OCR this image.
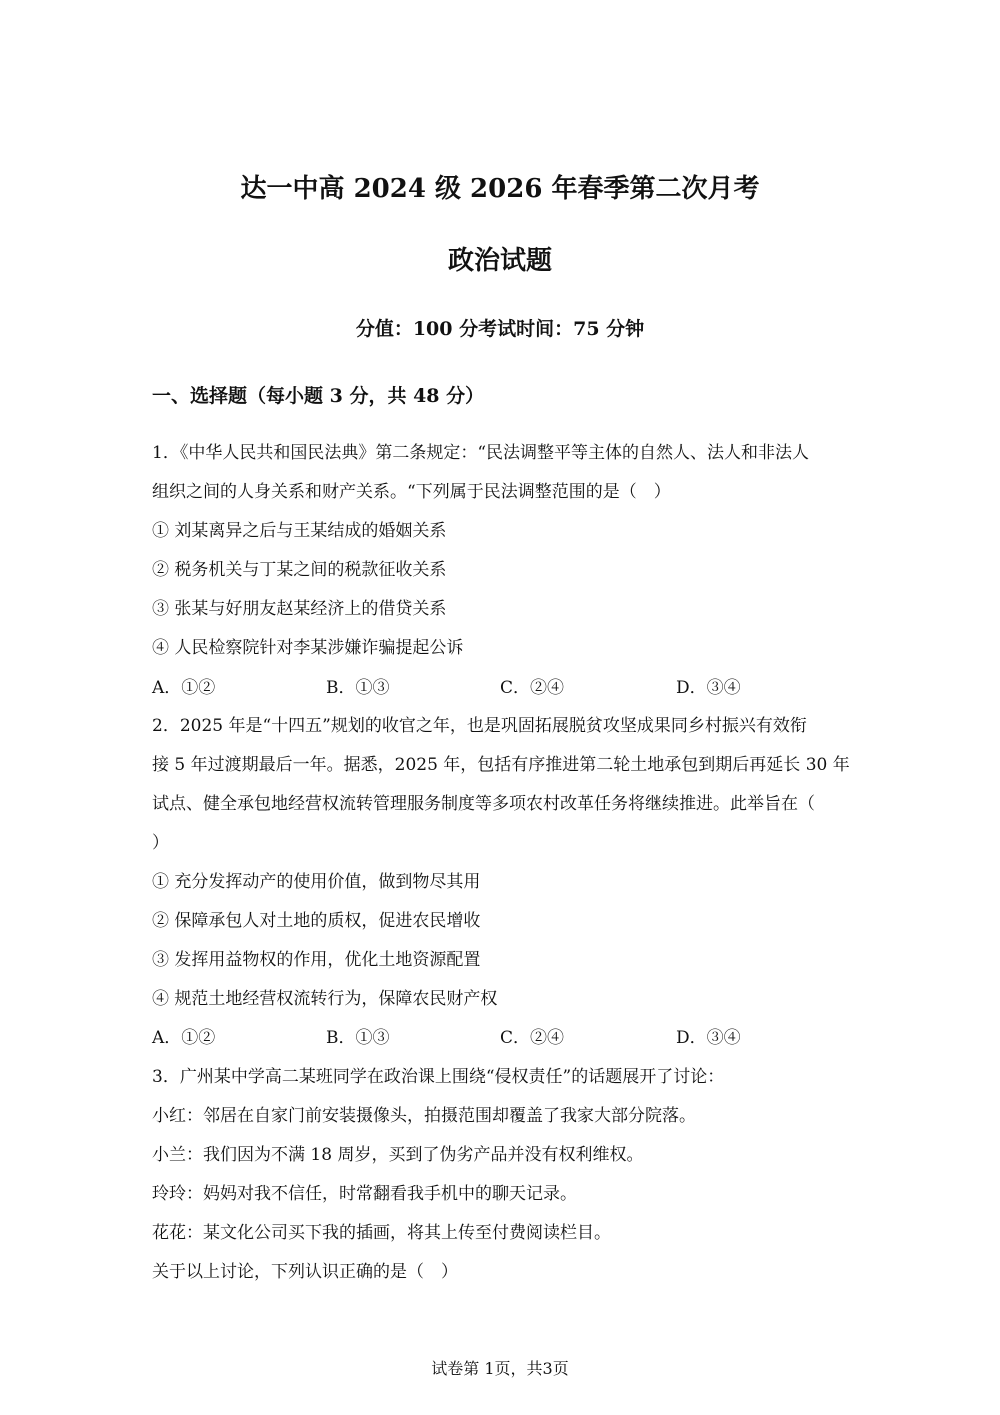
达一中高 2024 级 2026 年春季第二次月考
政治试题
分值：100 分考试时间：75 分钟
一、选择题（每小题 3 分，共 48 分）
1．《中华人民共和国民法典》第二条规定：“民法调整平等主体的自然人、法人和非法人
组织之间的人身关系和财产关系。“下列属于民法调整范围的是（　）
① 刘某离异之后与王某结成的婚姻关系
② 税务机关与丁某之间的税款征收关系
③ 张某与好朋友赵某经济上的借贷关系
④ 人民检察院针对李某涉嫌诈骗提起公诉
A．①②	B．①③	C．②④	D．③④
2．2025 年是“十四五”规划的收官之年，也是巩固拓展脱贫攻坚成果同乡村振兴有效衔
接 5 年过渡期最后一年。据悉，2025 年，包括有序推进第二轮土地承包到期后再延长 30 年
试点、健全承包地经营权流转管理服务制度等多项农村改革任务将继续推进。此举旨在（
）
① 充分发挥动产的使用价值，做到物尽其用
② 保障承包人对土地的质权，促进农民增收
③ 发挥用益物权的作用，优化土地资源配置
④ 规范土地经营权流转行为，保障农民财产权
A．①②	B．①③	C．②④	D．③④
3．广州某中学高二某班同学在政治课上围绕“侵权责任”的话题展开了讨论：
小红：邻居在自家门前安装摄像头，拍摄范围却覆盖了我家大部分院落。
小兰：我们因为不满 18 周岁，买到了伪劣产品并没有权利维权。
玲玲：妈妈对我不信任，时常翻看我手机中的聊天记录。
花花：某文化公司买下我的插画，将其上传至付费阅读栏目。
关于以上讨论，下列认识正确的是（　）
试卷第 1页，共3页
